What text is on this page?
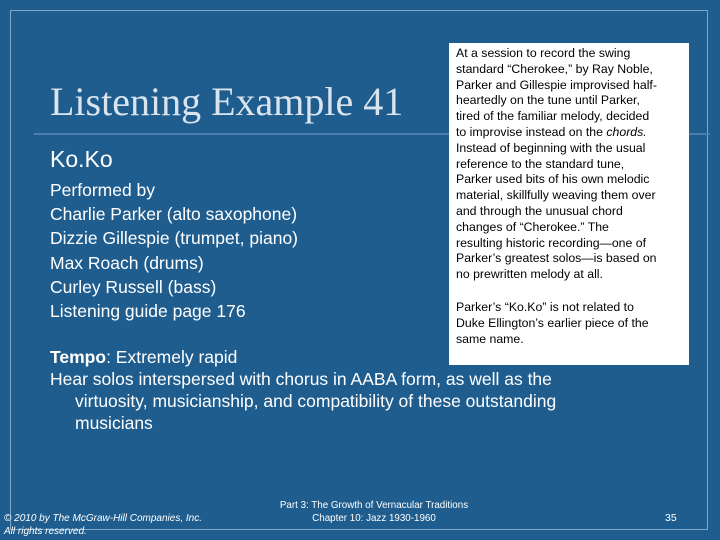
Listening Example 41
Ko.Ko
Performed by
Charlie Parker (alto saxophone)
Dizzie Gillespie (trumpet, piano)
Max Roach (drums)
Curley Russell (bass)
Listening guide page 176
Tempo: Extremely rapid
Hear solos interspersed with chorus in AABA form, as well as the
virtuosity, musicianship, and compatibility of these outstanding
musicians
At a session to record the swing
standard “Cherokee,” by Ray Noble,
Parker and Gillespie improvised half-
heartedly on the tune until Parker,
tired of the familiar melody, decided
to improvise instead on the chords.
Instead of beginning with the usual
reference to the standard tune,
Parker used bits of his own melodic
material, skillfully weaving them over
and through the unusual chord
changes of “Cherokee.” The
resulting historic recording—one of
Parker’s greatest solos—is based on
no prewritten melody at all.
Parker’s “Ko.Ko” is not related to
Duke Ellington’s earlier piece of the
same name.
© 2010 by The McGraw-Hill Companies, Inc.
All rights reserved.
Part 3: The Growth of Vernacular Traditions
Chapter 10: Jazz 1930-1960	35
